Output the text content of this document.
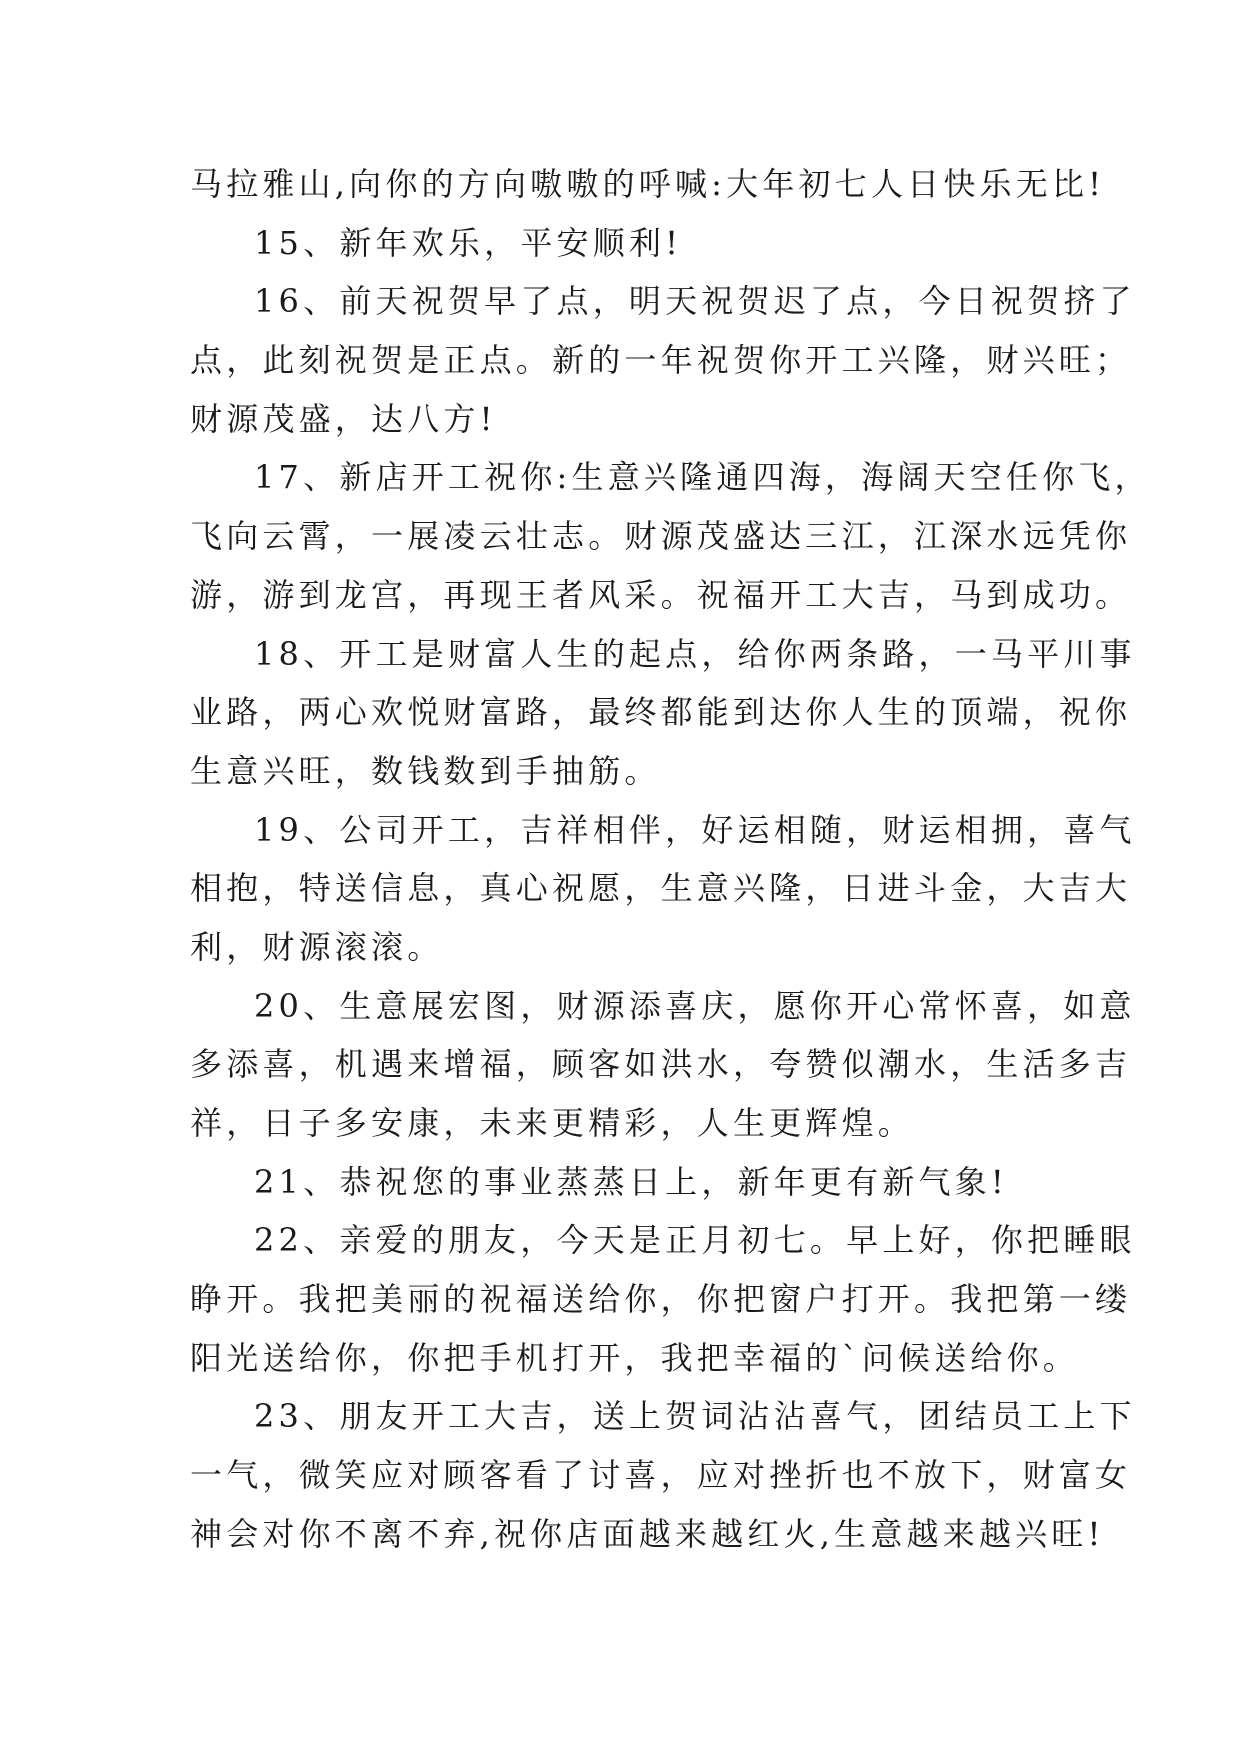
马拉雅山,向你的方向嗷嗷的呼喊:大年初七人日快乐无比!
15、新年欢乐，平安顺利!
16、前天祝贺早了点，明天祝贺迟了点，今日祝贺挤了
点，此刻祝贺是正点。新的一年祝贺你开工兴隆，财兴旺；
财源茂盛，达八方!
17、新店开工祝你:生意兴隆通四海，海阔天空任你飞，
飞向云霄，一展凌云壮志。财源茂盛达三江，江深水远凭你
游，游到龙宫，再现王者风采。祝福开工大吉，马到成功。
18、开工是财富人生的起点，给你两条路，一马平川事
业路，两心欢悦财富路，最终都能到达你人生的顶端，祝你
生意兴旺，数钱数到手抽筋。
19、公司开工，吉祥相伴，好运相随，财运相拥，喜气
相抱，特送信息，真心祝愿，生意兴隆，日进斗金，大吉大
利，财源滚滚。
20、生意展宏图，财源添喜庆，愿你开心常怀喜，如意
多添喜，机遇来增福，顾客如洪水，夸赞似潮水，生活多吉
祥，日子多安康，未来更精彩，人生更辉煌。
21、恭祝您的事业蒸蒸日上，新年更有新气象!
22、亲爱的朋友，今天是正月初七。早上好，你把睡眼
睁开。我把美丽的祝福送给你，你把窗户打开。我把第一缕
阳光送给你，你把手机打开，我把幸福的`问候送给你。
23、朋友开工大吉，送上贺词沾沾喜气，团结员工上下
一气，微笑应对顾客看了讨喜，应对挫折也不放下，财富女
神会对你不离不弃,祝你店面越来越红火,生意越来越兴旺!
